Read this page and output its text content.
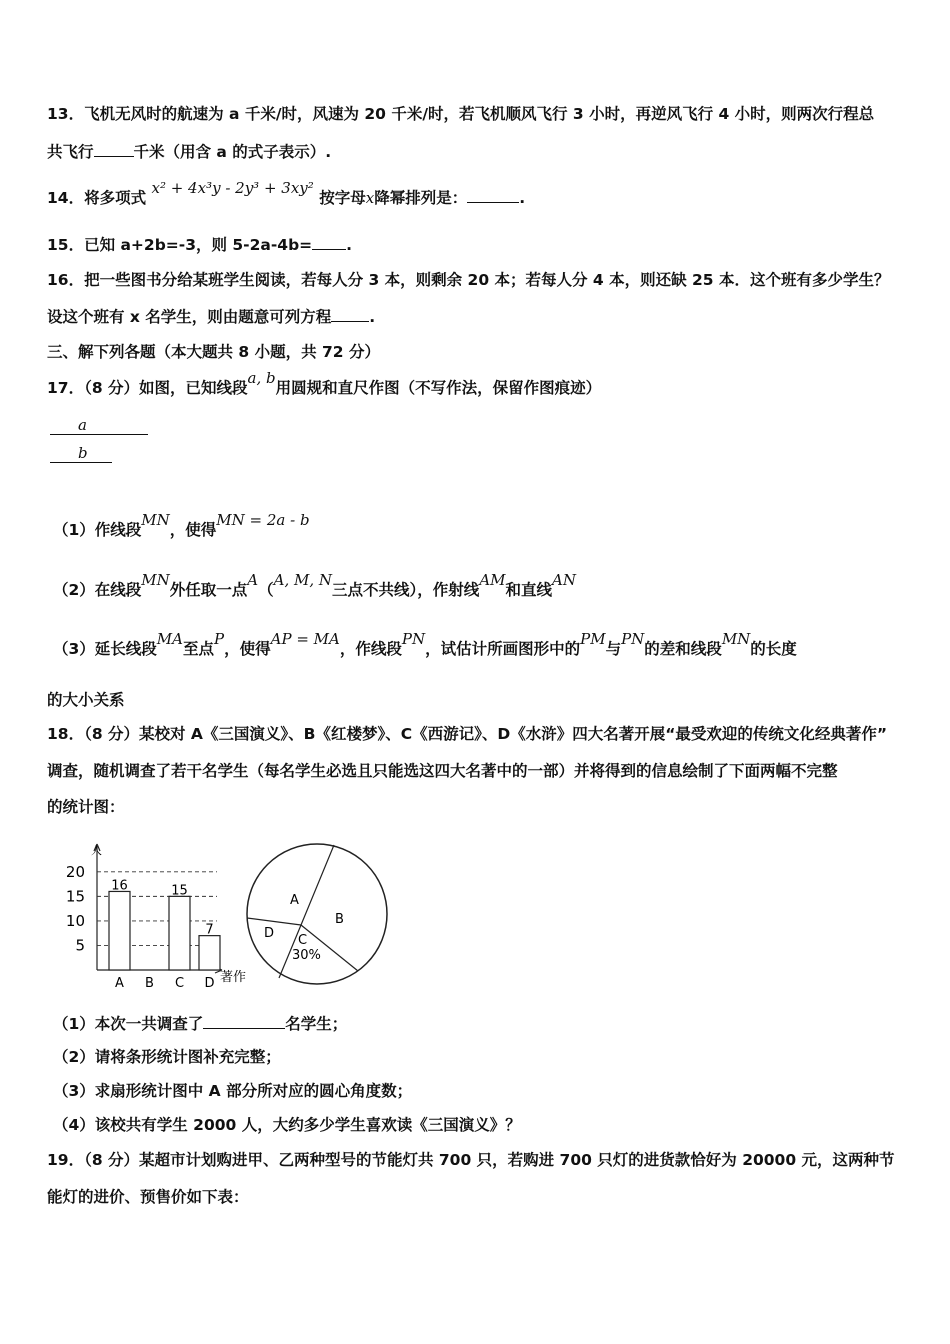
13．飞机无风时的航速为 a 千米/时，风速为 20 千米/时，若飞机顺风飞行 3 小时，再逆风飞行 4 小时，则两次行程总
共飞行	千米（用含 a 的式子表示）.
14．将多项式 x² + 4x³y - 2y³ + 3xy² 按字母x降幂排列是：	.
15．已知 a+2b=-3，则 5-2a-4b= .
16．把一些图书分给某班学生阅读，若每人分 3 本，则剩余 20 本；若每人分 4 本，则还缺 25 本．这个班有多少学生？
设这个班有 x 名学生，则由题意可列方程 .
三、解下列各题（本大题共 8 小题，共 72 分）
17．（8 分）如图，已知线段a, b用圆规和直尺作图（不写作法，保留作图痕迹）
a
b
（1）作线段MN，使得MN = 2a - b
（2）在线段MN外任取一点A（A, M, N三点不共线），作射线AM和直线AN
（3）延长线段MA至点P，使得AP = MA，作线段PN，试估计所画图形中的PM与PN的差和线段MN的长度
的大小关系
18．（8 分）某校对 A《三国演义》、B《红楼梦》、C《西游记》、D《水浒》四大名著开展“最受欢迎的传统文化经典著作”
调查，随机调查了若干名学生（每名学生必选且只能选这四大名著中的一部）并将得到的信息绘制了下面两幅不完整
的统计图：
人
著作
5
10
15
20
16	15
7
A B C D
A
B
C
D
30%
（1）本次一共调查了	名学生；
（2）请将条形统计图补充完整；
（3）求扇形统计图中 A 部分所对应的圆心角度数；
（4）该校共有学生 2000 人，大约多少学生喜欢读《三国演义》？
19．（8 分）某超市计划购进甲、乙两种型号的节能灯共 700 只，若购进 700 只灯的进货款恰好为 20000 元，这两种节
能灯的进价、预售价如下表：
